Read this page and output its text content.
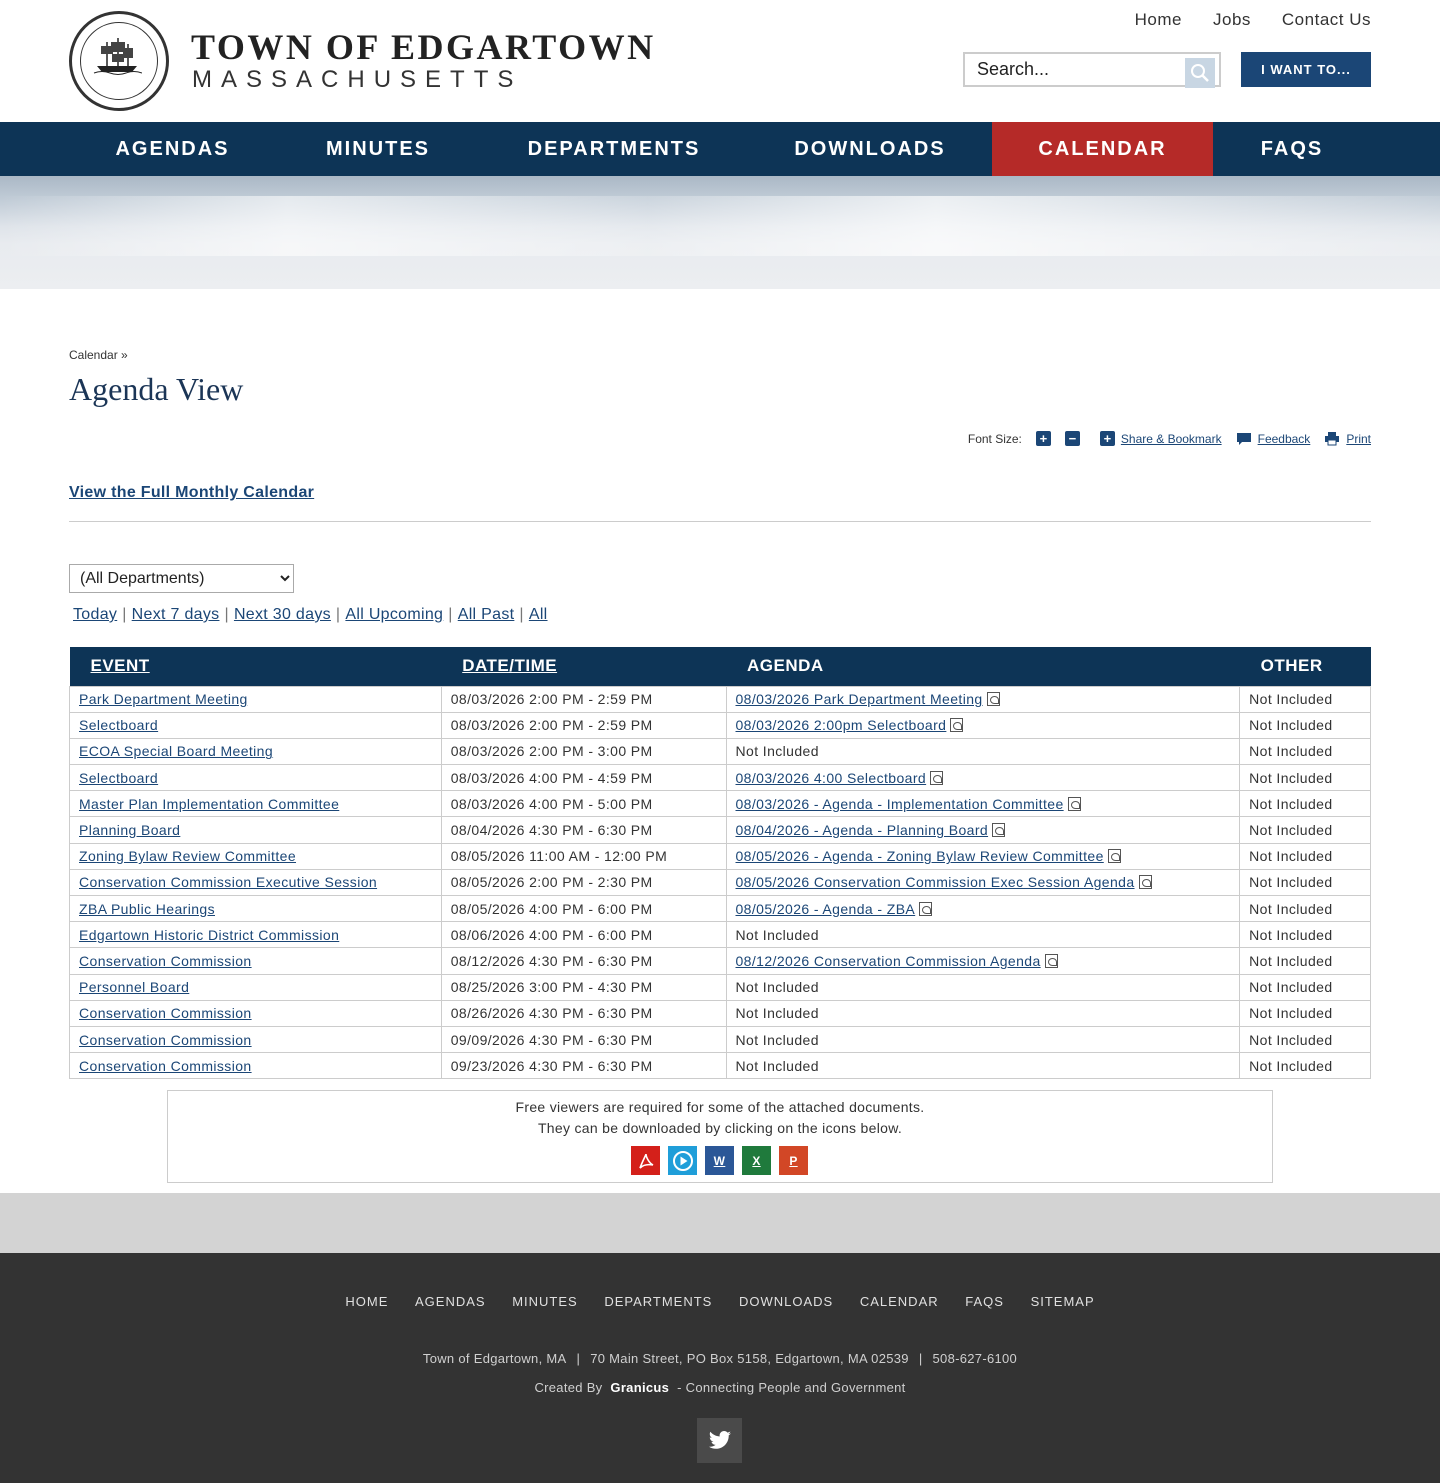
TOWN OF EDGARTOWN
MASSACHUSETTS
Home Jobs Contact Us
Search...
I WANT TO...
AGENDAS	MINUTES	DEPARTMENTS	DOWNLOADS	CALENDAR	FAQS
Calendar »
Agenda View
Font Size: + − + Share & Bookmark	Feedback	Print
View the Full Monthly Calendar
(All Departments)
Today | Next 7 days | Next 30 days | All Upcoming | All Past | All
EVENT	DATE/TIME	AGENDA	OTHER
Park Department Meeting	08/03/2026 2:00 PM - 2:59 PM	08/03/2026 Park Department Meeting	Not Included
Selectboard	08/03/2026 2:00 PM - 2:59 PM	08/03/2026 2:00pm Selectboard	Not Included
ECOA Special Board Meeting	08/03/2026 2:00 PM - 3:00 PM	Not Included	Not Included
Selectboard	08/03/2026 4:00 PM - 4:59 PM	08/03/2026 4:00 Selectboard	Not Included
Master Plan Implementation Committee	08/03/2026 4:00 PM - 5:00 PM	08/03/2026 - Agenda - Implementation Committee	Not Included
Planning Board	08/04/2026 4:30 PM - 6:30 PM	08/04/2026 - Agenda - Planning Board	Not Included
Zoning Bylaw Review Committee	08/05/2026 11:00 AM - 12:00 PM	08/05/2026 - Agenda - Zoning Bylaw Review Committee	Not Included
Conservation Commission Executive Session	08/05/2026 2:00 PM - 2:30 PM	08/05/2026 Conservation Commission Exec Session Agenda	Not Included
ZBA Public Hearings	08/05/2026 4:00 PM - 6:00 PM	08/05/2026 - Agenda - ZBA	Not Included
Edgartown Historic District Commission	08/06/2026 4:00 PM - 6:00 PM	Not Included	Not Included
Conservation Commission	08/12/2026 4:30 PM - 6:30 PM	08/12/2026 Conservation Commission Agenda	Not Included
Personnel Board	08/25/2026 3:00 PM - 4:30 PM	Not Included	Not Included
Conservation Commission	08/26/2026 4:30 PM - 6:30 PM	Not Included	Not Included
Conservation Commission	09/09/2026 4:30 PM - 6:30 PM	Not Included	Not Included
Conservation Commission	09/23/2026 4:30 PM - 6:30 PM	Not Included	Not Included

Free viewers are required for some of the attached documents.

They can be downloaded by clicking on the icons below.

W	X	P
HOME AGENDAS MINUTES DEPARTMENTS DOWNLOADS CALENDAR FAQS SITEMAP
Town of Edgartown, MA | 70 Main Street, PO Box 5158, Edgartown, MA 02539 | 508-627-6100
Created By Granicus - Connecting People and Government
